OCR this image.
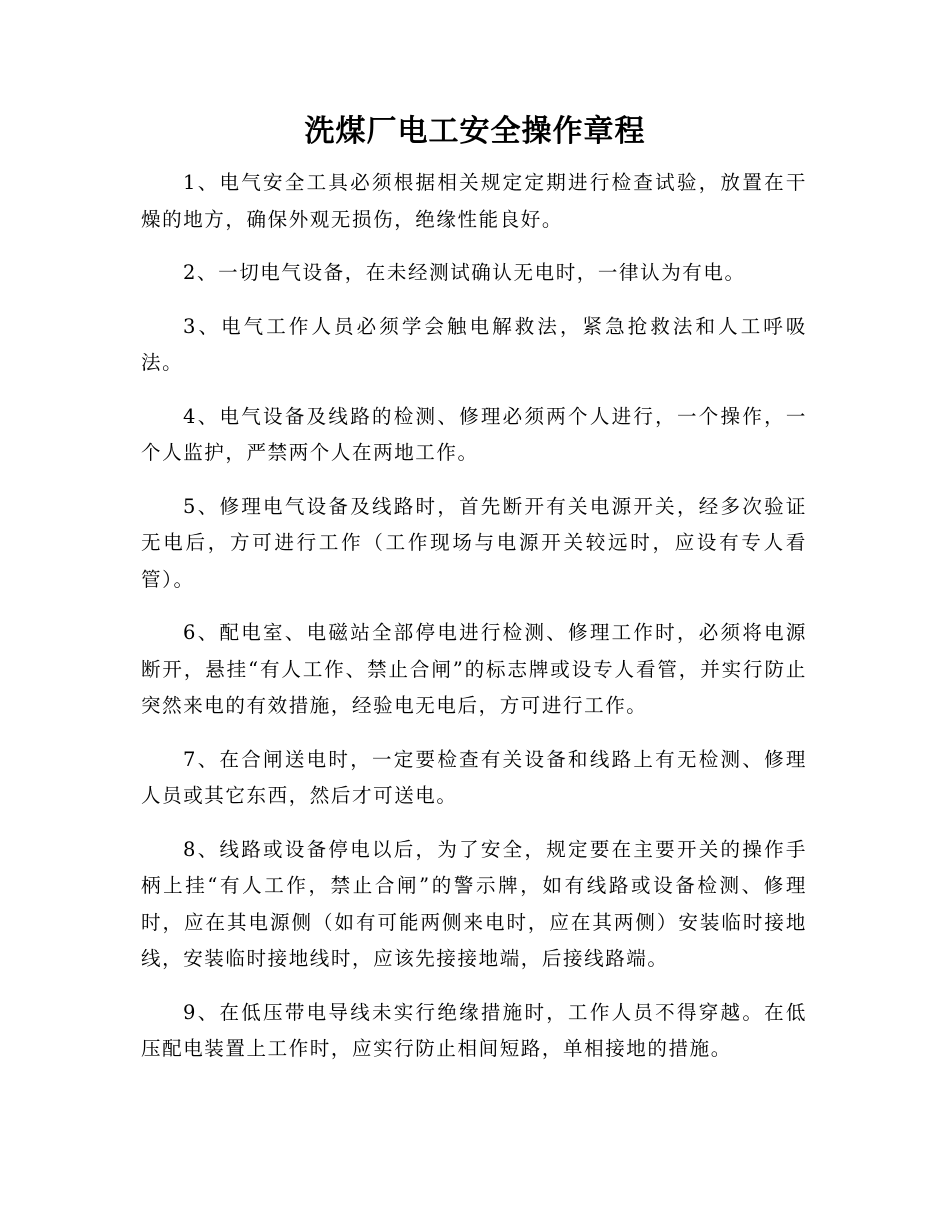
洗煤厂电工安全操作章程

1、电气安全工具必须根据相关规定定期进行检查试验，放置在干燥的地方，确保外观无损伤，绝缘性能良好。

2、一切电气设备，在未经测试确认无电时，一律认为有电。

3、电气工作人员必须学会触电解救法，紧急抢救法和人工呼吸法。

4、电气设备及线路的检测、修理必须两个人进行，一个操作，一个人监护，严禁两个人在两地工作。

5、修理电气设备及线路时，首先断开有关电源开关，经多次验证无电后，方可进行工作（工作现场与电源开关较远时，应设有专人看管）。

6、配电室、电磁站全部停电进行检测、修理工作时，必须将电源断开，悬挂“有人工作、禁止合闸”的标志牌或设专人看管，并实行防止突然来电的有效措施，经验电无电后，方可进行工作。

7、在合闸送电时，一定要检查有关设备和线路上有无检测、修理人员或其它东西，然后才可送电。

8、线路或设备停电以后，为了安全，规定要在主要开关的操作手柄上挂“有人工作，禁止合闸”的警示牌，如有线路或设备检测、修理时，应在其电源侧（如有可能两侧来电时，应在其两侧）安装临时接地线，安装临时接地线时，应该先接接地端，后接线路端。

9、在低压带电导线未实行绝缘措施时，工作人员不得穿越。在低压配电装置上工作时，应实行防止相间短路，单相接地的措施。
